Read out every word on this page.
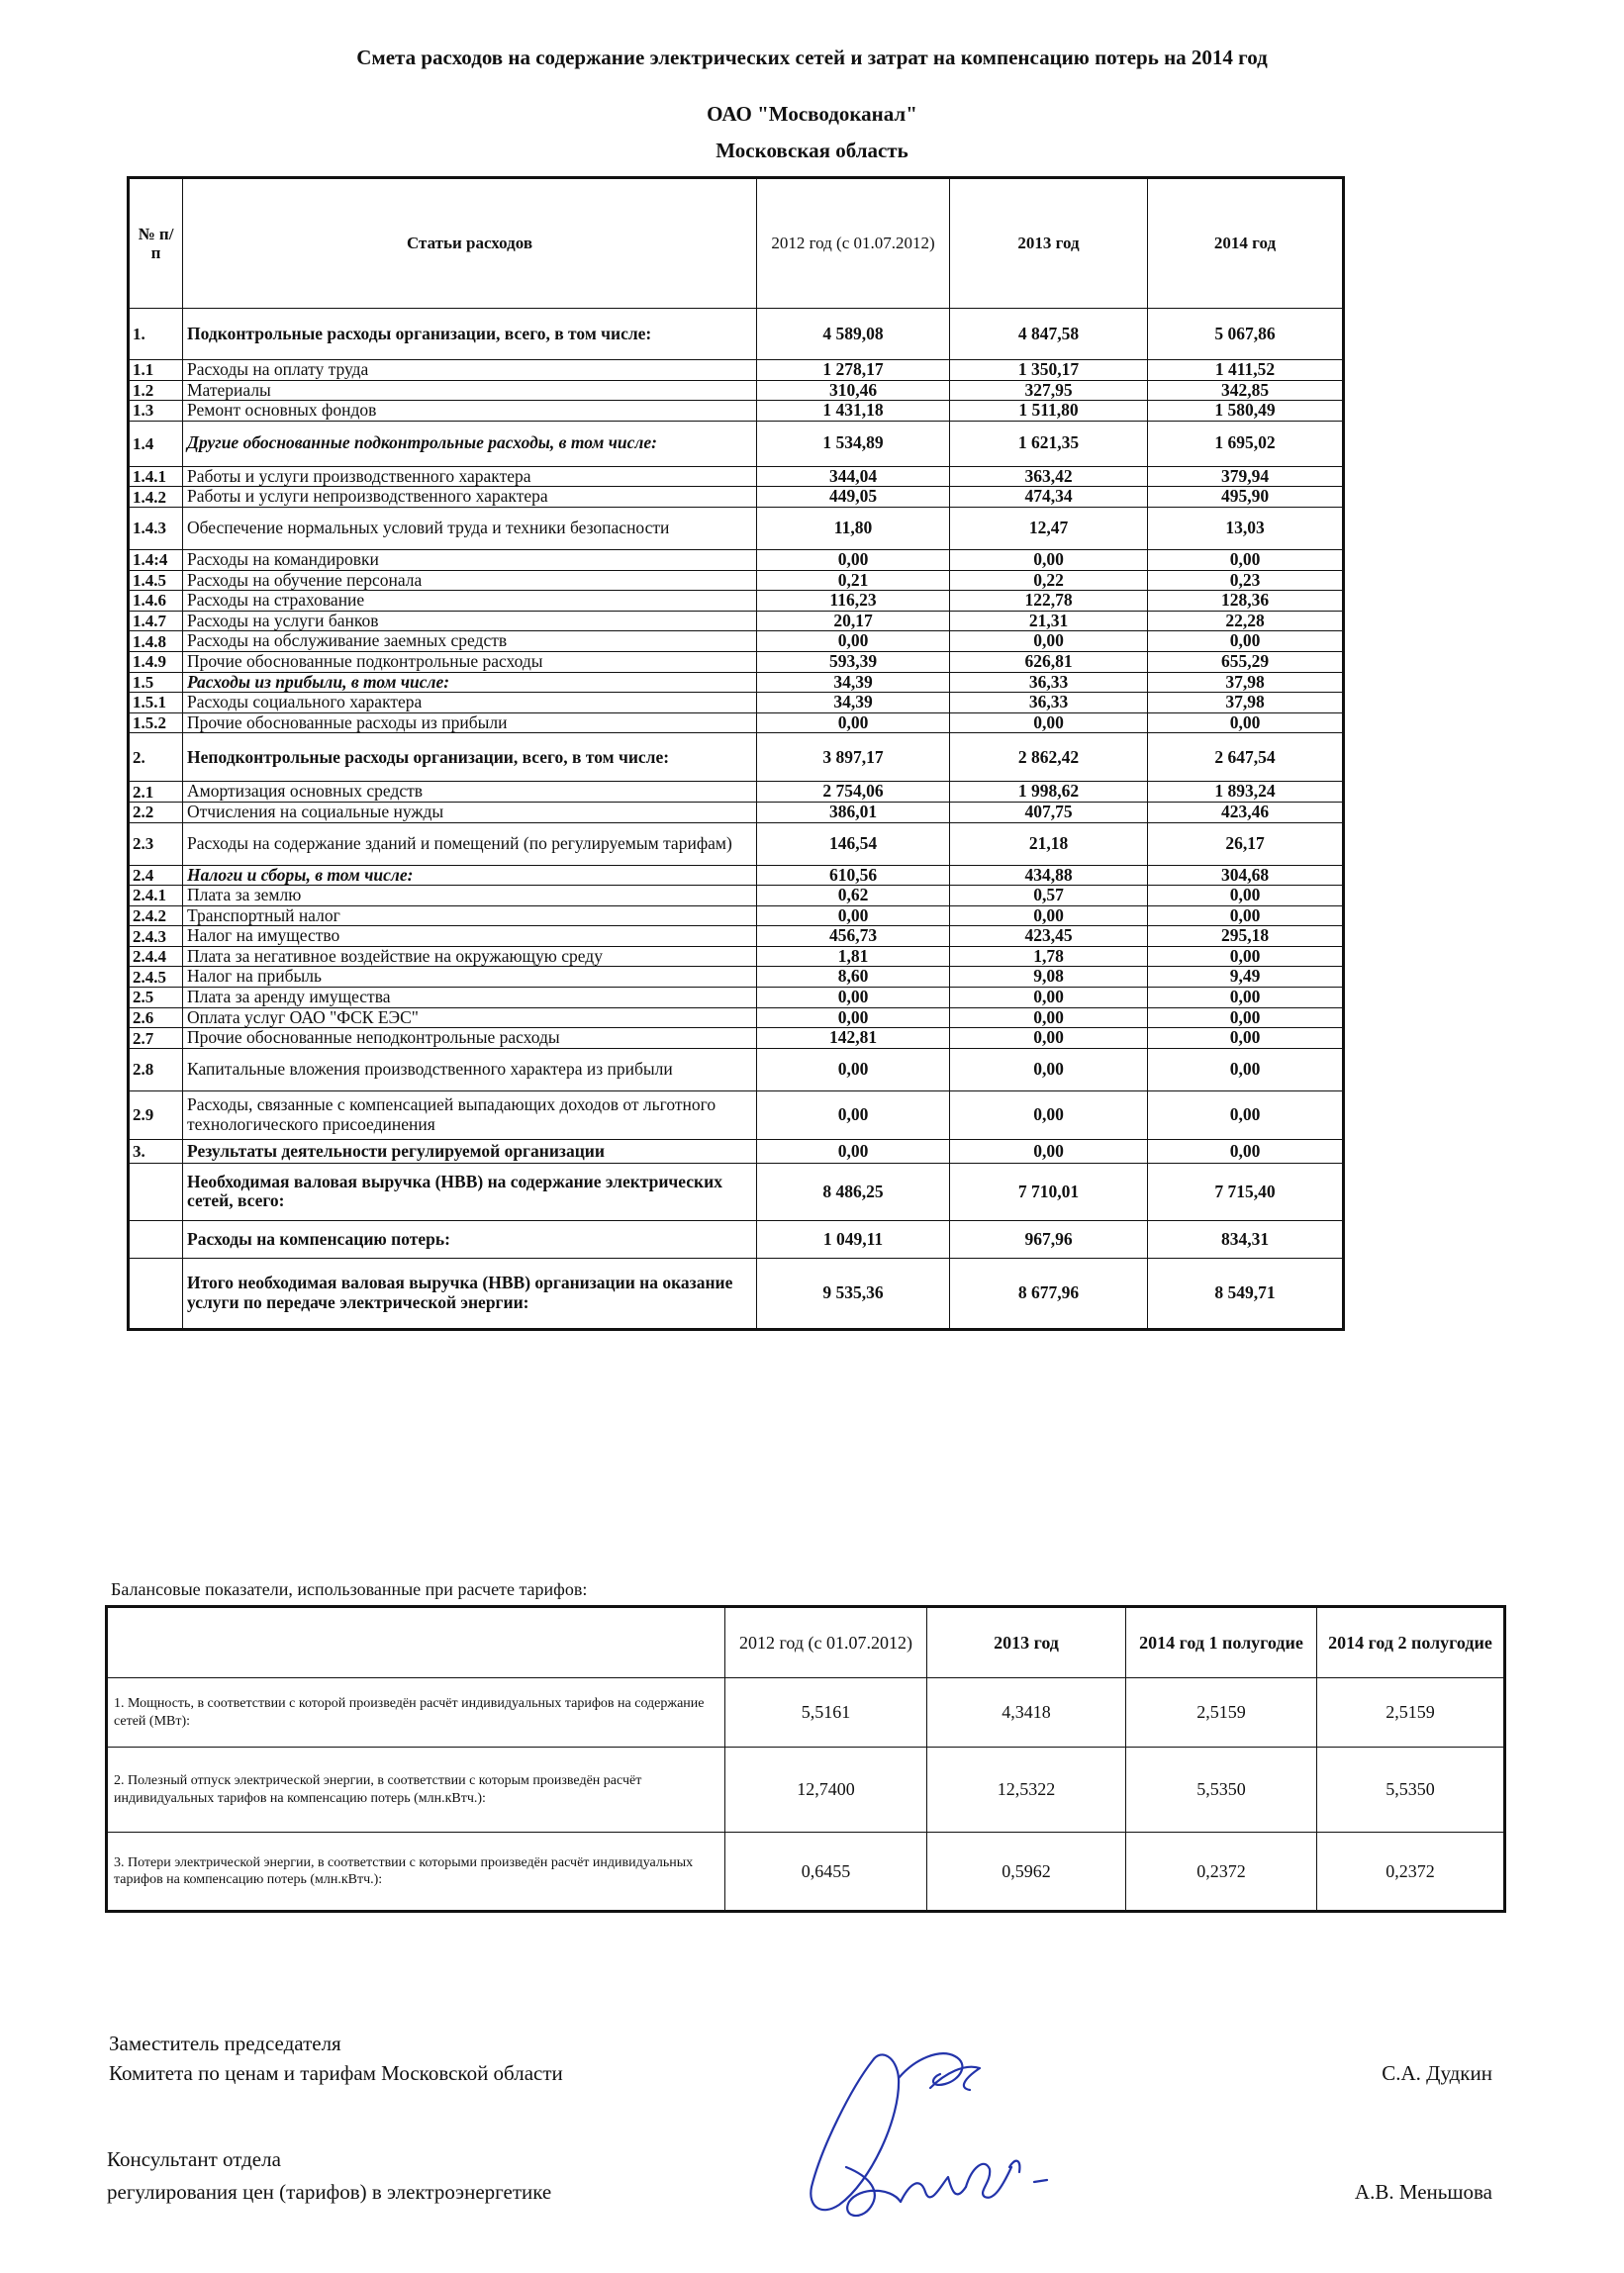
Смета расходов на содержание электрических сетей и затрат на компенсацию потерь на 2014 год
ОАО "Мосводоканал"
Московская область
№ п/п	Статьи расходов	2012 год (с 01.07.2012)	2013 год	2014 год
1.	Подконтрольные расходы организации, всего, в том числе:	4 589,08	4 847,58	5 067,86
1.1	Расходы на оплату труда	1 278,17	1 350,17	1 411,52
1.2	Материалы	310,46	327,95	342,85
1.3	Ремонт основных фондов	1 431,18	1 511,80	1 580,49
1.4	Другие обоснованные подконтрольные расходы, в том числе:	1 534,89	1 621,35	1 695,02
1.4.1	Работы и услуги производственного характера	344,04	363,42	379,94
1.4.2	Работы и услуги непроизводственного характера	449,05	474,34	495,90
1.4.3	Обеспечение нормальных условий труда и техники безопасности	11,80	12,47	13,03
1.4:4	Расходы на командировки	0,00	0,00	0,00
1.4.5	Расходы на обучение персонала	0,21	0,22	0,23
1.4.6	Расходы на страхование	116,23	122,78	128,36
1.4.7	Расходы на услуги банков	20,17	21,31	22,28
1.4.8	Расходы на обслуживание заемных средств	0,00	0,00	0,00
1.4.9	Прочие обоснованные подконтрольные расходы	593,39	626,81	655,29
1.5	Расходы из прибыли, в том числе:	34,39	36,33	37,98
1.5.1	Расходы социального характера	34,39	36,33	37,98
1.5.2	Прочие обоснованные расходы из прибыли	0,00	0,00	0,00
2.	Неподконтрольные расходы организации, всего, в том числе:	3 897,17	2 862,42	2 647,54
2.1	Амортизация основных средств	2 754,06	1 998,62	1 893,24
2.2	Отчисления на социальные нужды	386,01	407,75	423,46
2.3	Расходы на содержание зданий и помещений (по регулируемым тарифам)	146,54	21,18	26,17
2.4	Налоги и сборы, в том числе:	610,56	434,88	304,68
2.4.1	Плата за землю	0,62	0,57	0,00
2.4.2	Транспортный налог	0,00	0,00	0,00
2.4.3	Налог на имущество	456,73	423,45	295,18
2.4.4	Плата за негативное воздействие на окружающую среду	1,81	1,78	0,00
2.4.5	Налог на прибыль	8,60	9,08	9,49
2.5	Плата за аренду имущества	0,00	0,00	0,00
2.6	Оплата услуг ОАО "ФСК ЕЭС"	0,00	0,00	0,00
2.7	Прочие обоснованные неподконтрольные расходы	142,81	0,00	0,00
2.8	Капитальные вложения производственного характера из прибыли	0,00	0,00	0,00
2.9	Расходы, связанные с компенсацией выпадающих доходов от льготного технологического присоединения	0,00	0,00	0,00
3.	Результаты деятельности регулируемой организации	0,00	0,00	0,00
	Необходимая валовая выручка (НВВ) на содержание электрических сетей, всего:	8 486,25	7 710,01	7 715,40
	Расходы на компенсацию потерь:	1 049,11	967,96	834,31
	Итого необходимая валовая выручка (НВВ) организации на оказание услуги по передаче электрической энергии:	9 535,36	8 677,96	8 549,71
Балансовые показатели, использованные при расчете тарифов:
	2012 год (с 01.07.2012)	2013 год	2014 год 1 полугодие	2014 год 2 полугодие
1. Мощность, в соответствии с которой произведён расчёт индивидуальных тарифов на содержание сетей (МВт):	5,5161	4,3418	2,5159	2,5159
2. Полезный отпуск электрической энергии, в соответствии с которым произведён расчёт индивидуальных тарифов на компенсацию потерь (млн.кВтч.):	12,7400	12,5322	5,5350	5,5350
3. Потери электрической энергии, в соответствии с которыми произведён расчёт индивидуальных тарифов на компенсацию потерь (млн.кВтч.):	0,6455	0,5962	0,2372	0,2372
Заместитель председателя
Комитета по ценам и тарифам Московской области	С.А. Дудкин
Консультант отдела
регулирования цен (тарифов) в электроэнергетике	А.В. Меньшова
